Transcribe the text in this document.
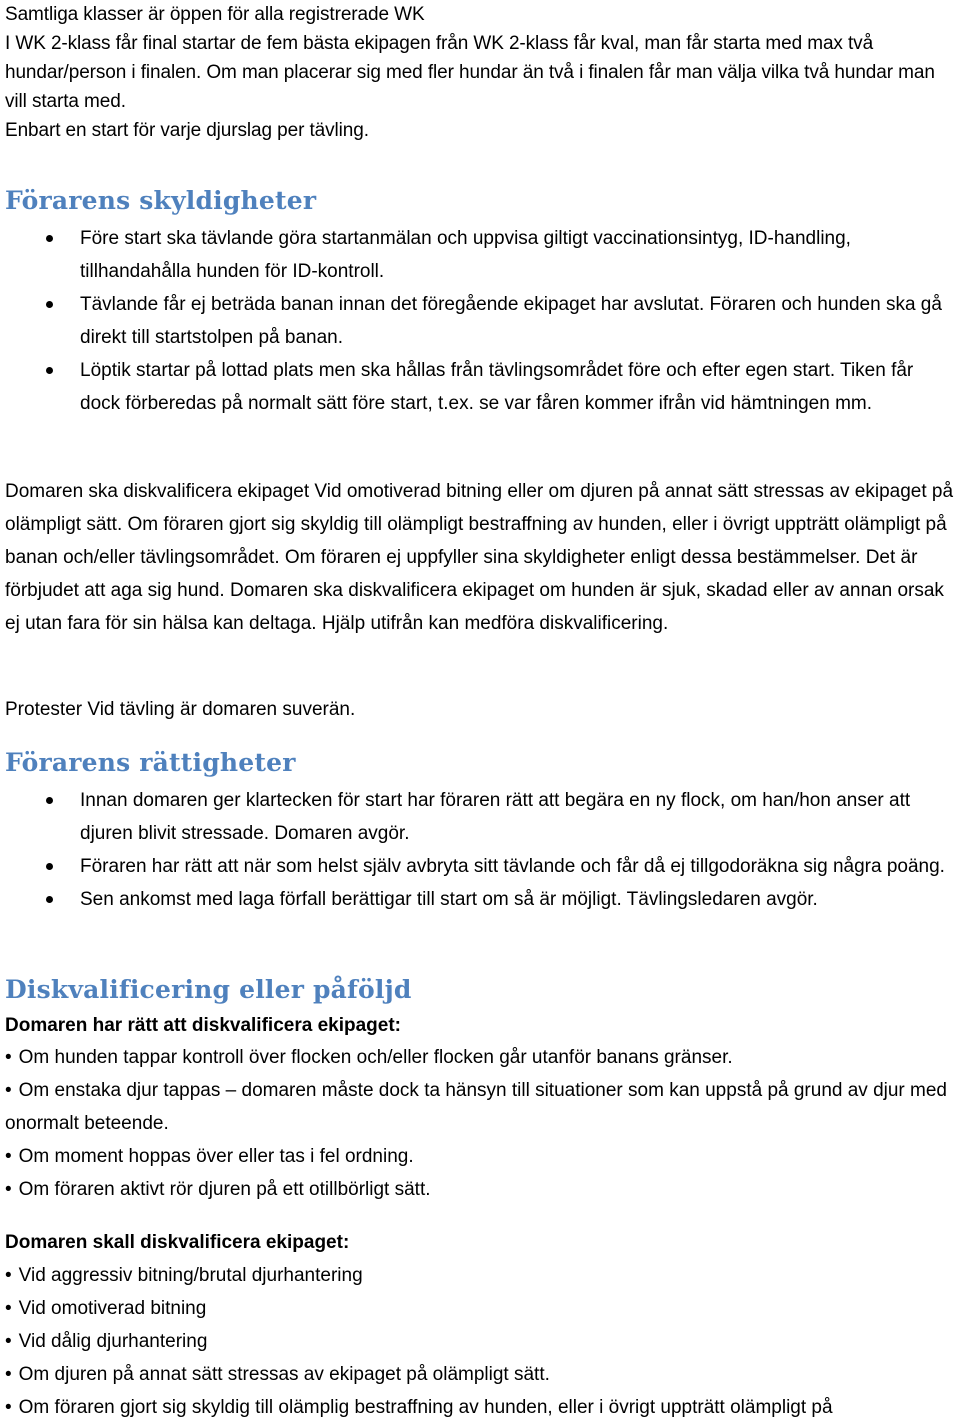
Samtliga klasser är öppen för alla registrerade WK

I WK 2-klass får final startar de fem bästa ekipagen från WK 2-klass får kval, man får starta med max två hundar/person i finalen. Om man placerar sig med fler hundar än två i finalen får man välja vilka två hundar man vill starta med.

Enbart en start för varje djurslag per tävling.

Förarens skyldigheter
Före start ska tävlande göra startanmälan och uppvisa giltigt vaccinationsintyg, ID-handling, tillhandahålla hunden för ID-kontroll.
Tävlande får ej beträda banan innan det föregående ekipaget har avslutat. Föraren och hunden ska gå direkt till startstolpen på banan.
Löptik startar på lottad plats men ska hållas från tävlingsområdet före och efter egen start. Tiken får dock förberedas på normalt sätt före start, t.ex. se var fåren kommer ifrån vid hämtningen mm.

Domaren ska diskvalificera ekipaget Vid omotiverad bitning eller om djuren på annat sätt stressas av ekipaget på olämpligt sätt. Om föraren gjort sig skyldig till olämpligt bestraffning av hunden, eller i övrigt uppträtt olämpligt på banan och/eller tävlingsområdet. Om föraren ej uppfyller sina skyldigheter enligt dessa bestämmelser. Det är förbjudet att aga sig hund. Domaren ska diskvalificera ekipaget om hunden är sjuk, skadad eller av annan orsak ej utan fara för sin hälsa kan deltaga. Hjälp utifrån kan medföra diskvalificering.

Protester Vid tävling är domaren suverän.

Förarens rättigheter
Innan domaren ger klartecken för start har föraren rätt att begära en ny flock, om han/hon anser att djuren blivit stressade. Domaren avgör.
Föraren har rätt att när som helst själv avbryta sitt tävlande och får då ej tillgodoräkna sig några poäng.
Sen ankomst med laga förfall berättigar till start om så är möjligt. Tävlingsledaren avgör.
Diskvalificering eller påföljd

Domaren har rätt att diskvalificera ekipaget:

• Om hunden tappar kontroll över flocken och/eller flocken går utanför banans gränser.
• Om enstaka djur tappas – domaren måste dock ta hänsyn till situationer som kan uppstå på grund av djur med onormalt beteende.
• Om moment hoppas över eller tas i fel ordning.
• Om föraren aktivt rör djuren på ett otillbörligt sätt.

Domaren skall diskvalificera ekipaget:

• Vid aggressiv bitning/brutal djurhantering
• Vid omotiverad bitning
• Vid dålig djurhantering
• Om djuren på annat sätt stressas av ekipaget på olämpligt sätt.
• Om föraren gjort sig skyldig till olämplig bestraffning av hunden, eller i övrigt uppträtt olämpligt på
